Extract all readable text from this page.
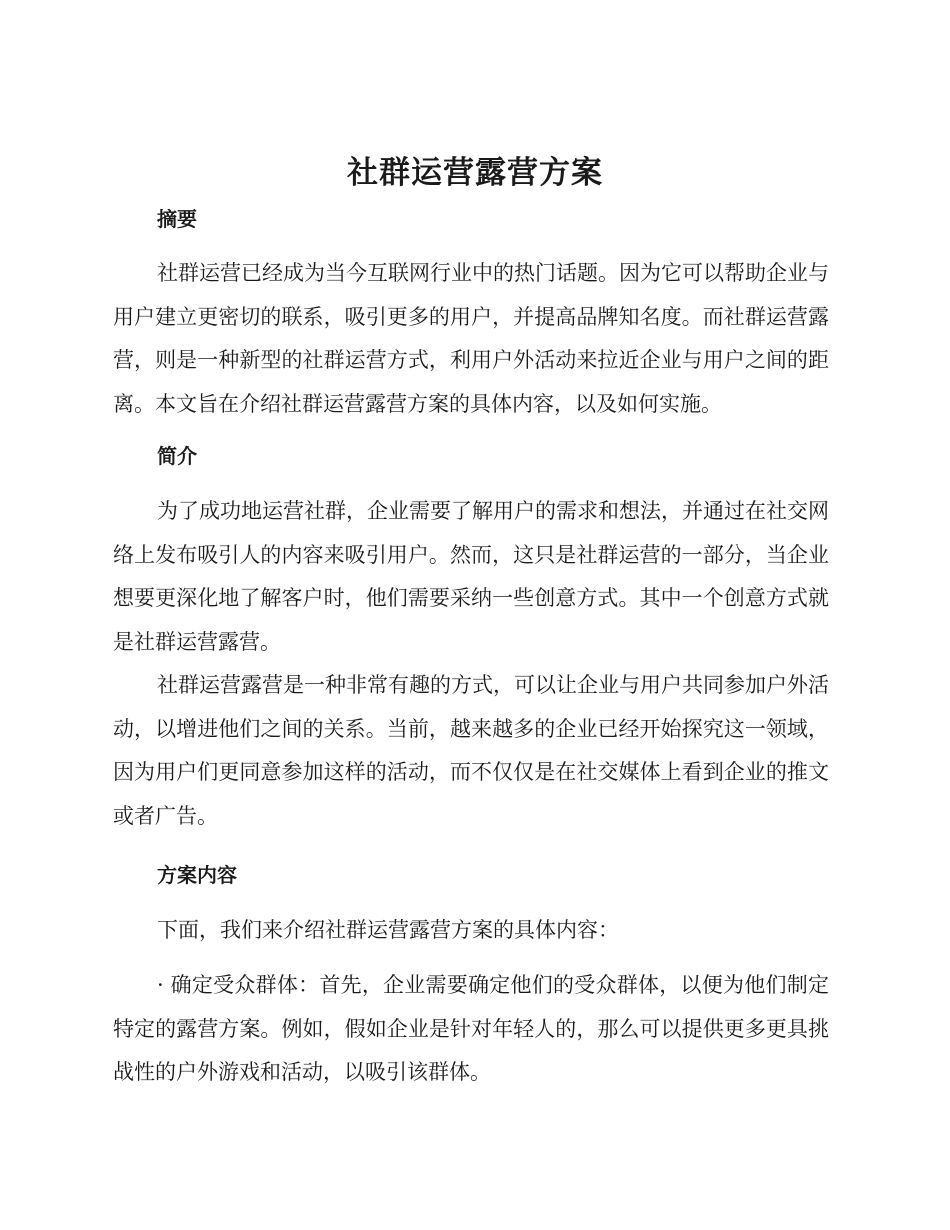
社群运营露营方案
摘要
社群运营已经成为当今互联网行业中的热门话题。因为它可以帮助企业与用户建立更密切的联系，吸引更多的用户，并提高品牌知名度。而社群运营露营，则是一种新型的社群运营方式，利用户外活动来拉近企业与用户之间的距离。本文旨在介绍社群运营露营方案的具体内容，以及如何实施。
简介
为了成功地运营社群，企业需要了解用户的需求和想法，并通过在社交网络上发布吸引人的内容来吸引用户。然而，这只是社群运营的一部分，当企业想要更深化地了解客户时，他们需要采纳一些创意方式。其中一个创意方式就是社群运营露营。
社群运营露营是一种非常有趣的方式，可以让企业与用户共同参加户外活动，以增进他们之间的关系。当前，越来越多的企业已经开始探究这一领域，因为用户们更同意参加这样的活动，而不仅仅是在社交媒体上看到企业的推文或者广告。
方案内容
下面，我们来介绍社群运营露营方案的具体内容：
· 确定受众群体：首先，企业需要确定他们的受众群体，以便为他们制定特定的露营方案。例如，假如企业是针对年轻人的，那么可以提供更多更具挑战性的户外游戏和活动，以吸引该群体。
